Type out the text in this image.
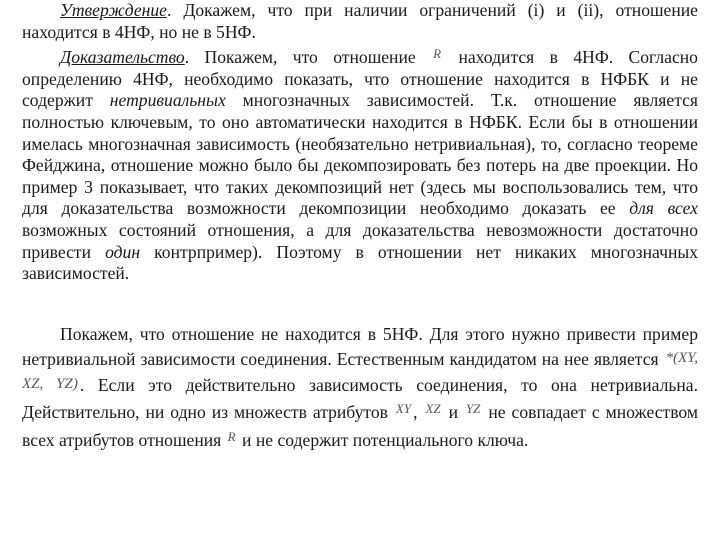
Утверждение. Докажем, что при наличии ограничений (i) и (ii), отношение находится в 4НФ, но не в 5НФ.
Доказательство. Покажем, что отношение $^R$ находится в 4НФ. Согласно определению 4НФ, необходимо показать, что отношение находится в НФБК и не содержит нетривиальных многозначных зависимостей. Т.к. отношение является полностью ключевым, то оно автоматически находится в НФБК. Если бы в отношении имелась многозначная зависимость (необязательно нетривиальная), то, согласно теореме Фейджина, отношение можно было бы декомпозировать без потерь на две проекции. Но пример 3 показывает, что таких декомпозиций нет (здесь мы воспользовались тем, что для доказательства возможности декомпозиции необходимо доказать ее для всех возможных состояний отношения, а для доказательства невозможности достаточно привести один контрпример). Поэтому в отношении нет никаких многозначных зависимостей.
Покажем, что отношение не находится в 5НФ. Для этого нужно привести пример нетривиальной зависимости соединения. Естественным кандидатом на нее является *(XY, XZ, YZ) . Если это действительно зависимость соединения, то она нетривиальна. Действительно, ни одно из множеств атрибутов $^{XY}$ , $^{XZ}$ и $^{YZ}$ не совпадает с множеством всех атрибутов отношения $^R$ и не содержит потенциального ключа.
